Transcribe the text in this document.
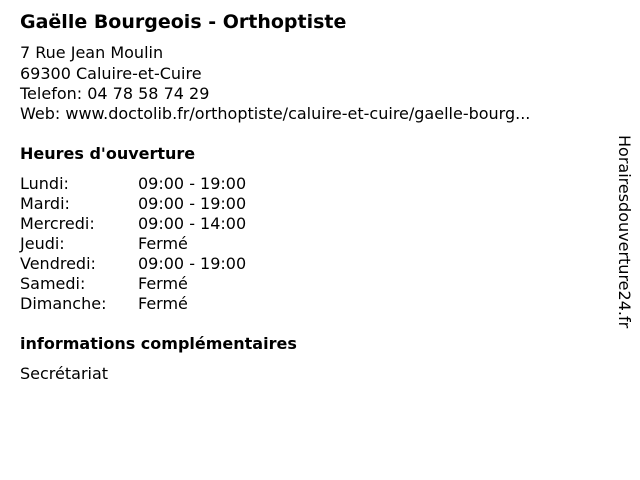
Gaëlle Bourgeois - Orthoptiste
7 Rue Jean Moulin
69300 Caluire-et-Cuire
Telefon: 04 78 58 74 29
Web: www.doctolib.fr/orthoptiste/caluire-et-cuire/gaelle-bourg...
Heures d'ouverture
Lundi:	09:00 - 19:00
Mardi:	09:00 - 19:00
Mercredi:	09:00 - 14:00
Jeudi:	Fermé
Vendredi:	09:00 - 19:00
Samedi:	Fermé
Dimanche: Fermé
informations complémentaires
Secrétariat
Horairesdouverture24.fr
